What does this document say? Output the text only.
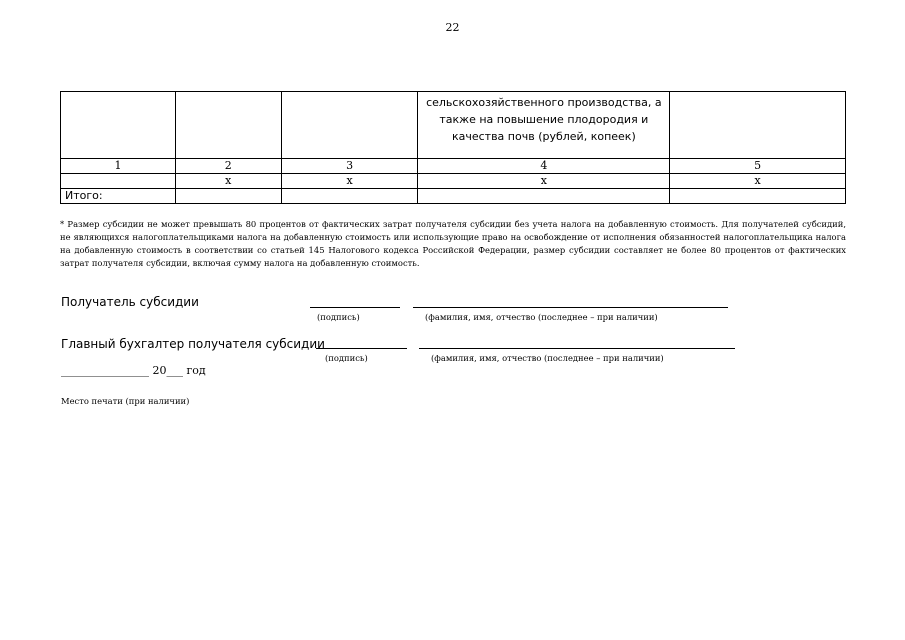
22

			сельскохозяйственного производства, а также на повышение плодородия и качества почв (рублей, копеек)	

1	2	3	4	5
	х	х	х	х
Итого:				
* Размер субсидии не может превышать 80 процентов от фактических затрат получателя субсидии без учета налога на добавленную стоимость. Для получателей субсидий, не являющихся налогоплательщиками налога на добавленную стоимость или использующие право на освобождение от исполнения обязанностей налогоплательщика налога на добавленную стоимость в соответствии со статьей 145 Налогового кодекса Российской Федерации, размер субсидии составляет не более 80 процентов от фактических затрат получателя субсидии, включая сумму налога на добавленную стоимость.
Получатель субсидии
(подпись)	(фамилия, имя, отчество (последнее – при наличии)
Главный бухгалтер получателя субсидии
(подпись)	(фамилия, имя, отчество (последнее – при наличии)
________________ 20___ год
Место печати (при наличии)
